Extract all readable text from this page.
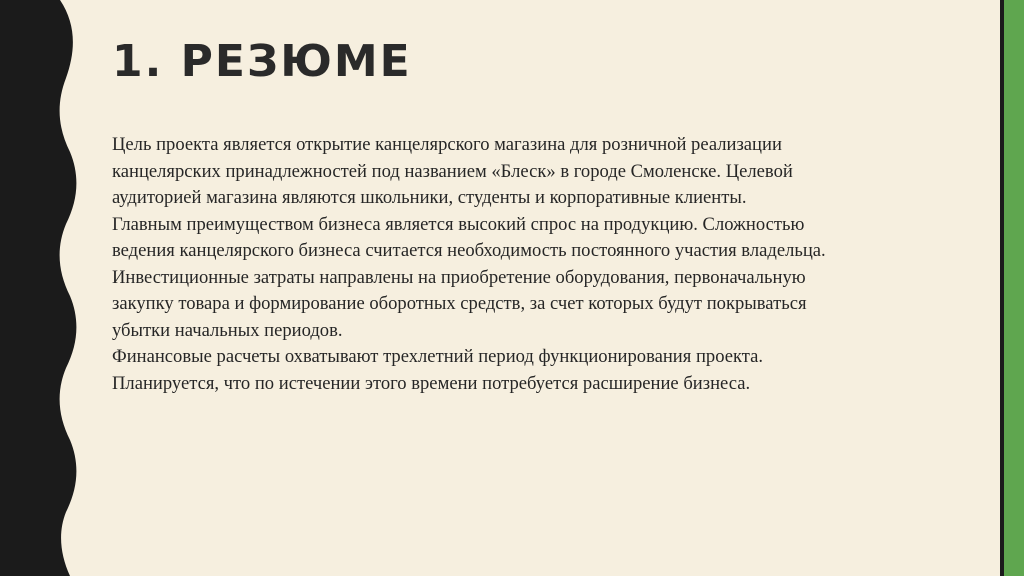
1. РЕЗЮМЕ

Цель проекта является открытие канцелярского магазина для розничной реализации

канцелярских принадлежностей под названием «Блеск» в городе Смоленске. Целевой

аудиторией магазина являются школьники, студенты и корпоративные клиенты.

Главным преимуществом бизнеса является высокий спрос на продукцию. Сложностью

ведения канцелярского бизнеса считается необходимость постоянного участия владельца.

Инвестиционные затраты направлены на приобретение оборудования, первоначальную

закупку товара и формирование оборотных средств, за счет которых будут покрываться

убытки начальных периодов.

Финансовые расчеты охватывают трехлетний период функционирования проекта.

Планируется, что по истечении этого времени потребуется расширение бизнеса.
